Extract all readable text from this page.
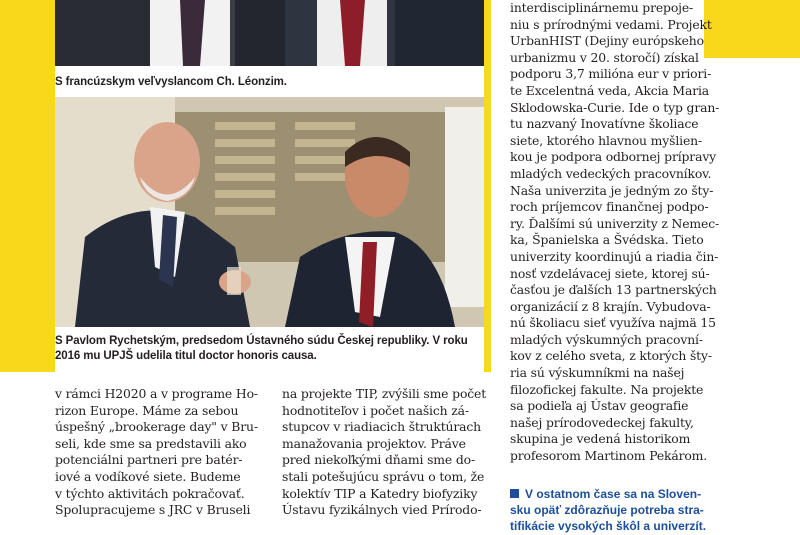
S francúzskym veľvyslancom Ch. Léonzim.
S Pavlom Rychetským, predsedom Ústavného súdu Českej republiky. V roku
2016 mu UPJŠ udelila titul doctor honoris causa.
interdisciplinárnemu prepoje-
niu s prírodnými vedami. Projekt
UrbanHIST (Dejiny európskeho
urbanizmu v 20. storočí) získal
podporu 3,7 milióna eur v priori-
te Excelentná veda, Akcia Maria
Sklodowska-Curie. Ide o typ gran-
tu nazvaný Inovatívne školiace
siete, ktorého hlavnou myšlien-
kou je podpora odbornej prípravy
mladých vedeckých pracovníkov.
Naša univerzita je jedným zo šty-
roch príjemcov finančnej podpo-
ry. Ďalšími sú univerzity z Nemec-
ka, Španielska a Švédska. Tieto
univerzity koordinujú a riadia čin-
nosť vzdelávacej siete, ktorej sú-
časťou je ďalších 13 partnerských
organizácií z 8 krajín. Vybudova-
nú školiacu sieť využíva najmä 15
mladých výskumných pracovní-
kov z celého sveta, z ktorých šty-
ria sú výskumníkmi na našej
filozofickej fakulte. Na projekte
sa podieľa aj Ústav geografie
našej prírodovedeckej fakulty,
skupina je vedená historikom
profesorom Martinom Pekárom.
v rámci H2020 a v programe Ho-
rizon Europe. Máme za sebou
úspešný „brookerage day" v Bru-
seli, kde sme sa predstavili ako
potenciálni partneri pre batér-
iové a vodíkové siete. Budeme
v týchto aktivitách pokračovať.
Spolupracujeme s JRC v Bruseli
na projekte TIP, zvýšili sme počet
hodnotiteľov i počet našich zá-
stupcov v riadiacich štruktúrach
manažovania projektov. Práve
pred niekoľkými dňami sme do-
stali potešujúcu správu o tom, že
kolektív TIP a Katedry biofyziky
Ústavu fyzikálnych vied Prírodo-
V ostatnom čase sa na Sloven-
sku opäť zdôrazňuje potreba stra-
tifikácie vysokých škôl a univerzít.
